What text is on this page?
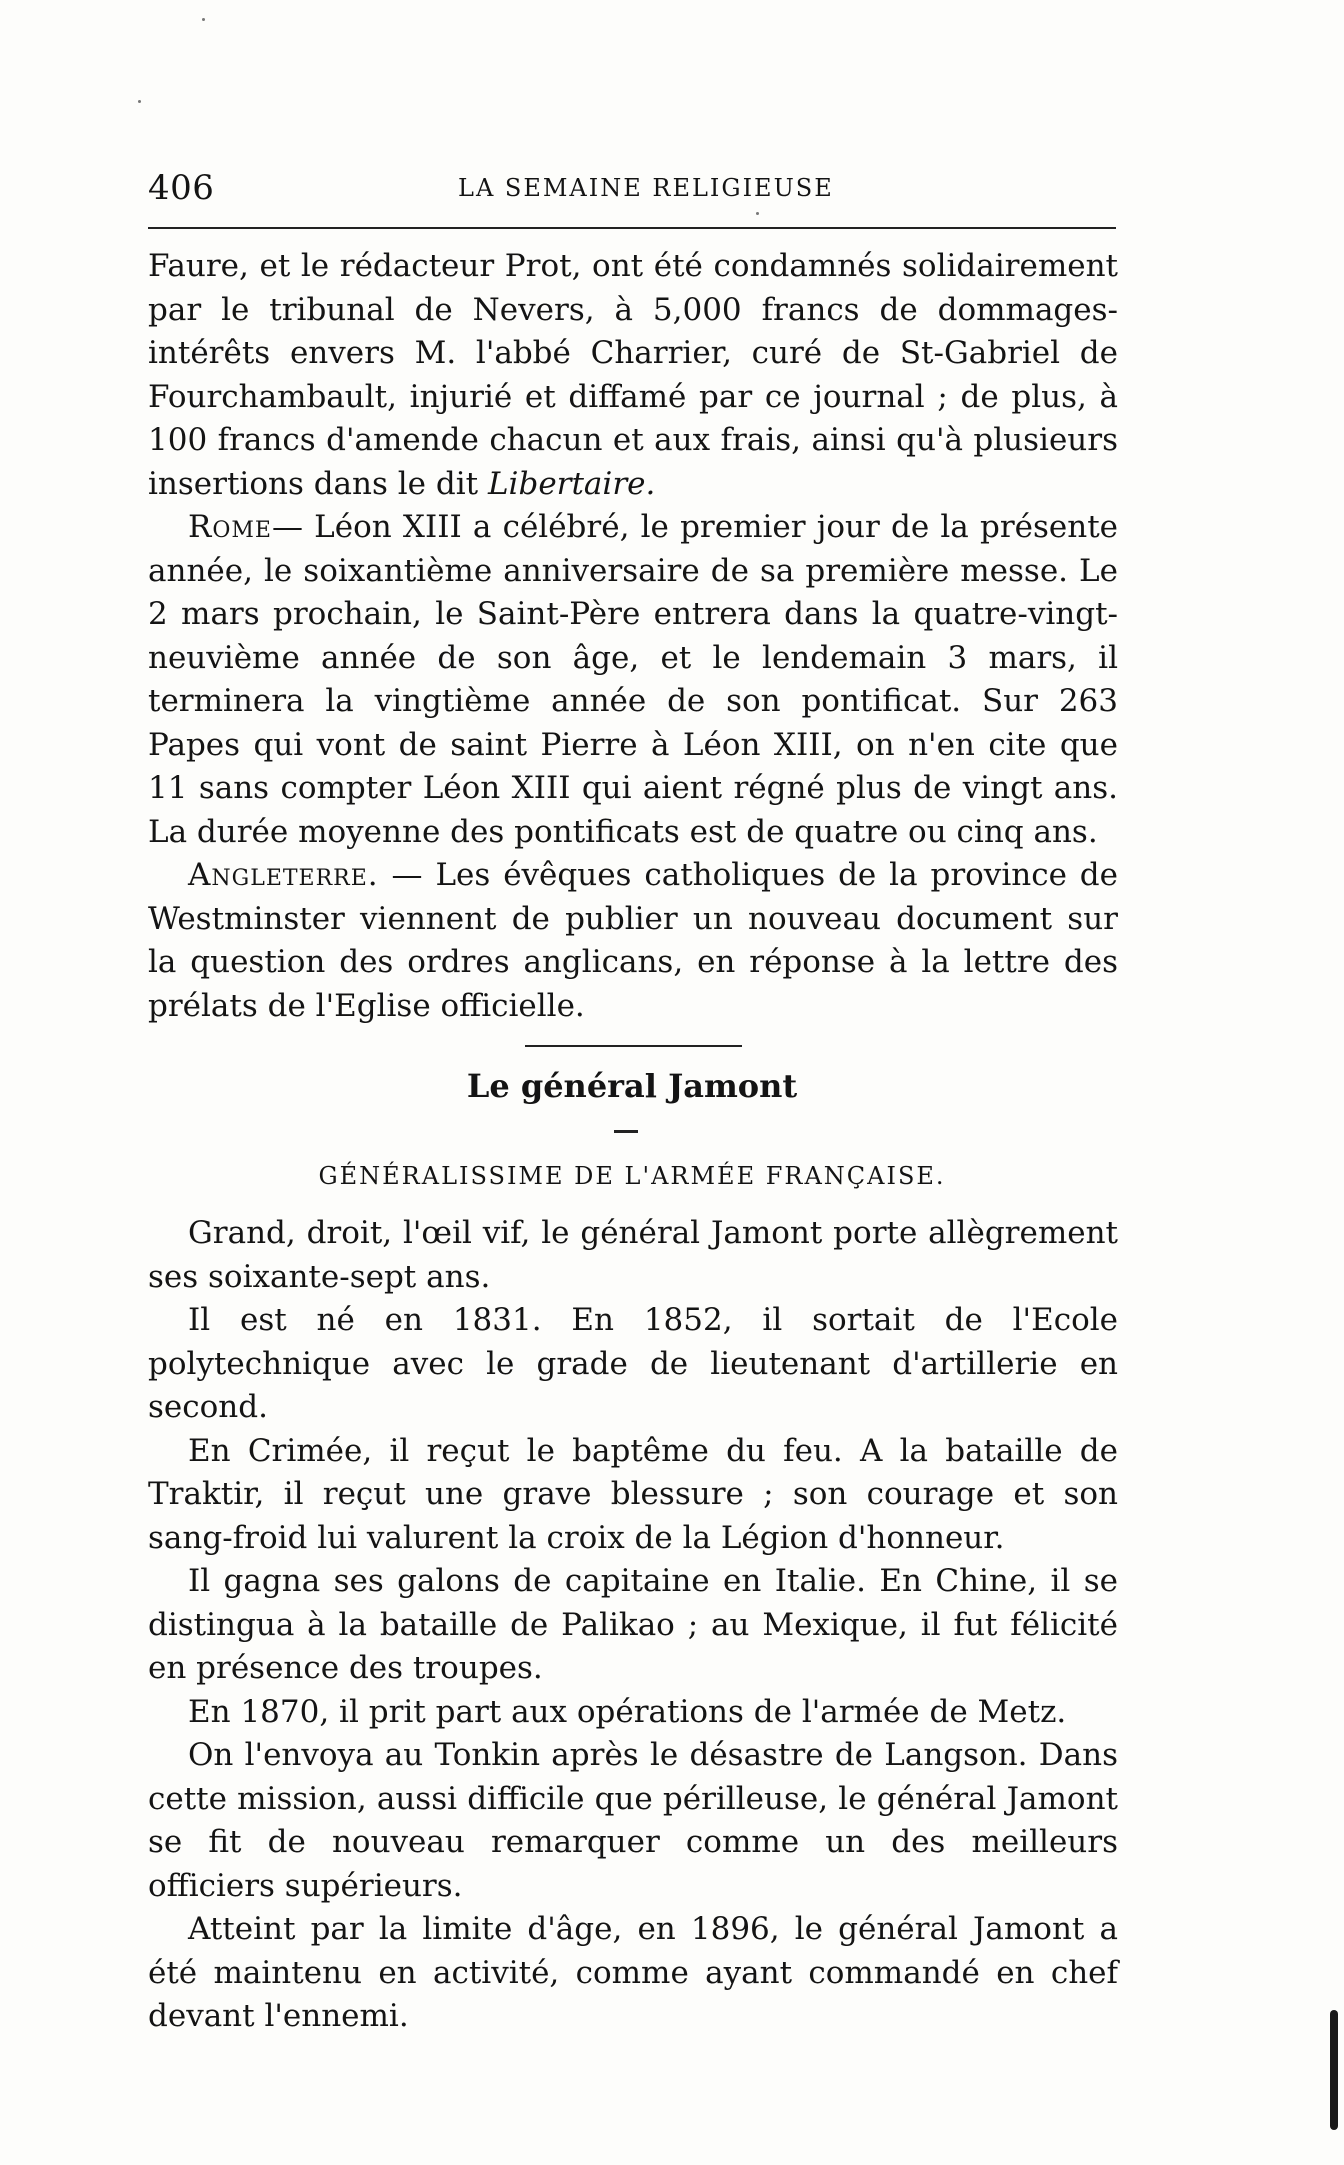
406	LA SEMAINE RELIGIEUSE

Faure, et le rédacteur Prot, ont été condamnés solidairement par le tribunal de Nevers, à 5,000 francs de dommages-intérêts envers M. l'abbé Charrier, curé de St-Gabriel de Fourchambault, injurié et diffamé par ce journal ; de plus, à 100 francs d'amende chacun et aux frais, ainsi qu'à plusieurs insertions dans le dit Libertaire.

Rome— Léon XIII a célébré, le premier jour de la présente année, le soixantième anniversaire de sa première messe. Le 2 mars prochain, le Saint-Père entrera dans la quatre-vingt-neuvième année de son âge, et le lendemain 3 mars, il terminera la vingtième année de son pontificat. Sur 263 Papes qui vont de saint Pierre à Léon XIII, on n'en cite que 11 sans compter Léon XIII qui aient régné plus de vingt ans. La durée moyenne des pontificats est de quatre ou cinq ans.

Angleterre. — Les évêques catholiques de la province de Westminster viennent de publier un nouveau document sur la question des ordres anglicans, en réponse à la lettre des prélats de l'Eglise officielle.

Le général Jamont
GÉNÉRALISSIME DE L'ARMÉE FRANÇAISE.

Grand, droit, l'œil vif, le général Jamont porte allègrement ses soixante-sept ans.

Il est né en 1831. En 1852, il sortait de l'Ecole polytechnique avec le grade de lieutenant d'artillerie en second.

En Crimée, il reçut le baptême du feu. A la bataille de Traktir, il reçut une grave blessure ; son courage et son sang-froid lui valurent la croix de la Légion d'honneur.

Il gagna ses galons de capitaine en Italie. En Chine, il se distingua à la bataille de Palikao ; au Mexique, il fut félicité en présence des troupes.

En 1870, il prit part aux opérations de l'armée de Metz.

On l'envoya au Tonkin après le désastre de Langson. Dans cette mission, aussi difficile que périlleuse, le général Jamont se fit de nouveau remarquer comme un des meilleurs officiers supérieurs.

Atteint par la limite d'âge, en 1896, le général Jamont a été maintenu en activité, comme ayant commandé en chef devant l'ennemi.
